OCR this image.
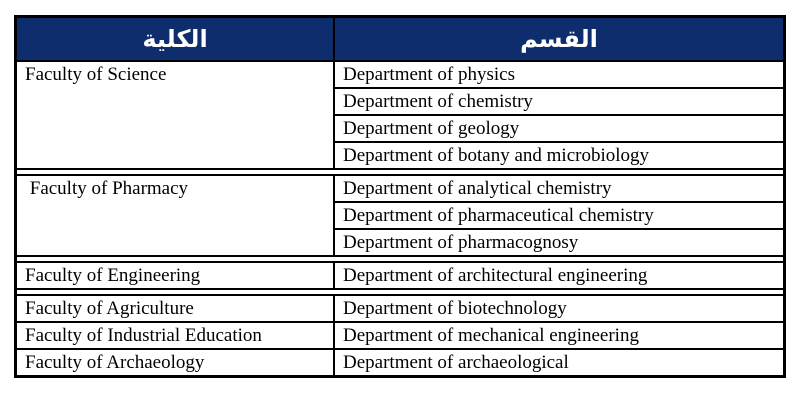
الكلية	القسم
Faculty of Science	Department of physics
	Department of chemistry
	Department of geology
	Department of botany and microbiology

Faculty of Pharmacy	Department of analytical chemistry
	Department of pharmaceutical chemistry
	Department of pharmacognosy

Faculty of Engineering	Department of architectural engineering

Faculty of Agriculture	Department of biotechnology
Faculty of Industrial Education	Department of mechanical engineering
Faculty of Archaeology	Department of archaeological
